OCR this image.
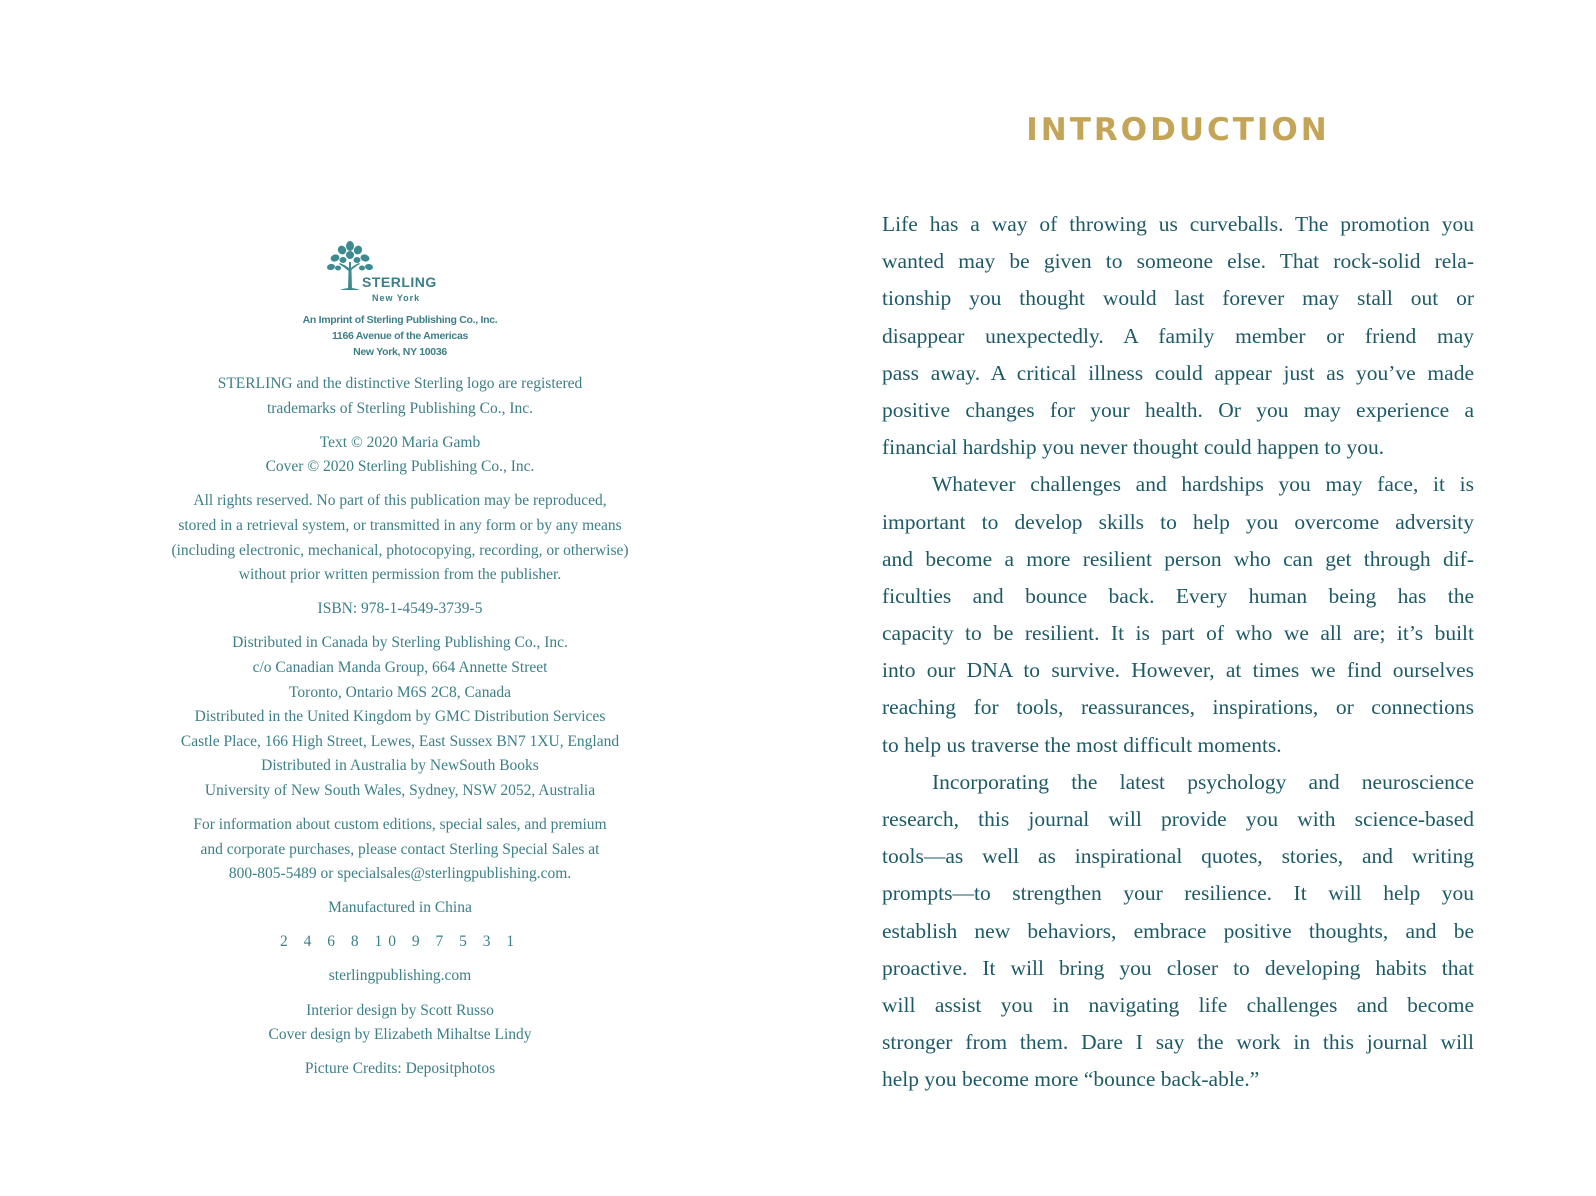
STERLING
New York
An Imprint of Sterling Publishing Co., Inc.
1166 Avenue of the Americas
New York, NY 10036

STERLING and the distinctive Sterling logo are registered
trademarks of Sterling Publishing Co., Inc.

Text © 2020 Maria Gamb
Cover © 2020 Sterling Publishing Co., Inc.

All rights reserved. No part of this publication may be reproduced,
stored in a retrieval system, or transmitted in any form or by any means
(including electronic, mechanical, photocopying, recording, or otherwise)
without prior written permission from the publisher.

ISBN: 978-1-4549-3739-5

Distributed in Canada by Sterling Publishing Co., Inc.
c/o Canadian Manda Group, 664 Annette Street
Toronto, Ontario M6S 2C8, Canada
Distributed in the United Kingdom by GMC Distribution Services
Castle Place, 166 High Street, Lewes, East Sussex BN7 1XU, England
Distributed in Australia by NewSouth Books
University of New South Wales, Sydney, NSW 2052, Australia

For information about custom editions, special sales, and premium
and corporate purchases, please contact Sterling Special Sales at
800-805-5489 or specialsales@sterlingpublishing.com.

Manufactured in China

2 4 6 8 10 9 7 5 3 1

sterlingpublishing.com

Interior design by Scott Russo
Cover design by Elizabeth Mihaltse Lindy

Picture Credits: Depositphotos

INTRODUCTION
Life has a way of throwing us curveballs. The promotion you
wanted may be given to someone else. That rock-solid rela-
tionship you thought would last forever may stall out or
disappear unexpectedly. A family member or friend may
pass away. A critical illness could appear just as you’ve made
positive changes for your health. Or you may experience a
financial hardship you never thought could happen to you.
Whatever challenges and hardships you may face, it is
important to develop skills to help you overcome adversity
and become a more resilient person who can get through dif-
ficulties and bounce back. Every human being has the
capacity to be resilient. It is part of who we all are; it’s built
into our DNA to survive. However, at times we find ourselves
reaching for tools, reassurances, inspirations, or connections
to help us traverse the most difficult moments.
Incorporating the latest psychology and neuroscience
research, this journal will provide you with science-based
tools—as well as inspirational quotes, stories, and writing
prompts—to strengthen your resilience. It will help you
establish new behaviors, embrace positive thoughts, and be
proactive. It will bring you closer to developing habits that
will assist you in navigating life challenges and become
stronger from them. Dare I say the work in this journal will
help you become more “bounce back-able.”
